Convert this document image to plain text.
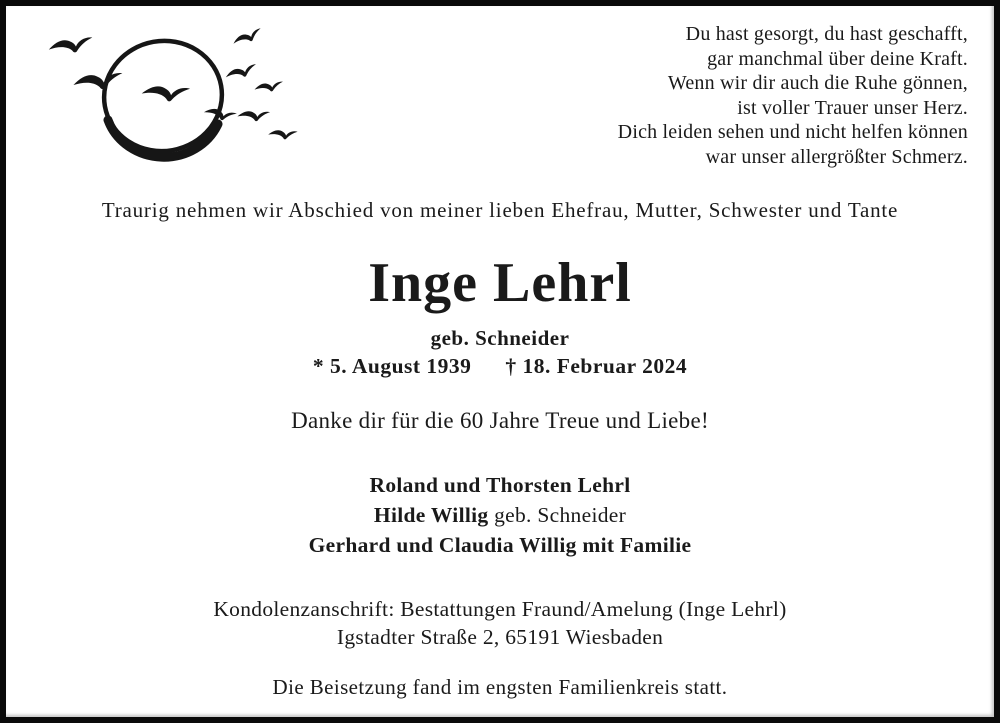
Du hast gesorgt, du hast geschafft,
gar manchmal über deine Kraft.
Wenn wir dir auch die Ruhe gönnen,
ist voller Trauer unser Herz.
Dich leiden sehen und nicht helfen können
war unser allergrößter Schmerz.
Traurig nehmen wir Abschied von meiner lieben Ehefrau, Mutter, Schwester und Tante
Inge Lehrl
geb. Schneider
* 5. August 1939 † 18. Februar 2024
Danke dir für die 60 Jahre Treue und Liebe!
Roland und Thorsten Lehrl
Hilde Willig geb. Schneider
Gerhard und Claudia Willig mit Familie
Kondolenzanschrift: Bestattungen Fraund/Amelung (Inge Lehrl)
Igstadter Straße 2, 65191 Wiesbaden
Die Beisetzung fand im engsten Familienkreis statt.
